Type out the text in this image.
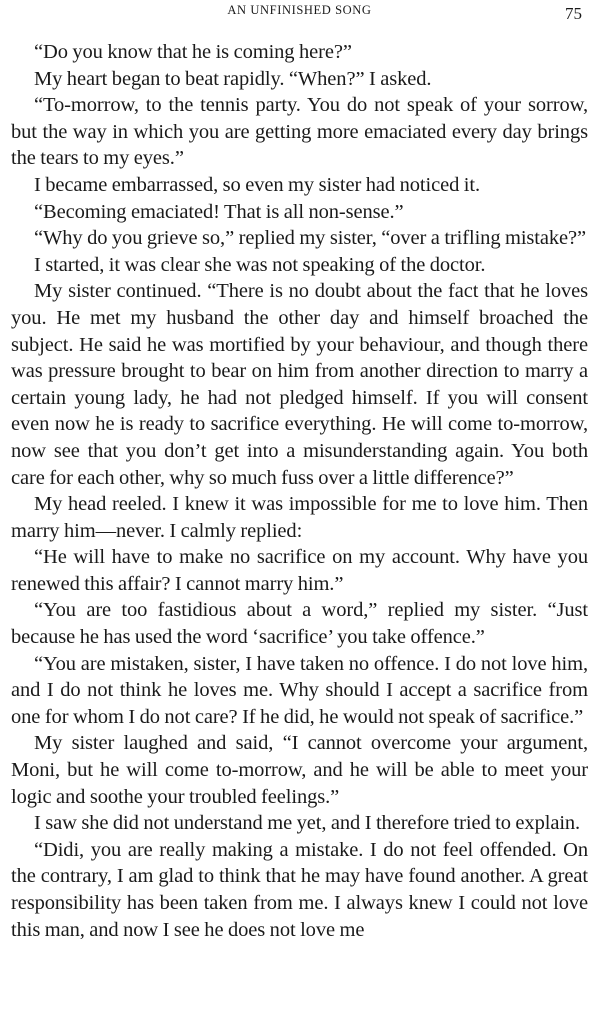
AN UNFINISHED SONG	75

“Do you know that he is coming here?”

My heart began to beat rapidly. “When?” I asked.

“To-morrow, to the tennis party. You do not speak of your sorrow, but the way in which you are getting more emaciated every day brings the tears to my eyes.”

I became embarrassed, so even my sister had noticed it.

“Becoming emaciated! That is all non-sense.”

“Why do you grieve so,” replied my sister, “over a trifling mistake?”

I started, it was clear she was not speaking of the doctor.

My sister continued. “There is no doubt about the fact that he loves you. He met my husband the other day and himself broached the subject. He said he was mortified by your behaviour, and though there was pressure brought to bear on him from another direction to marry a certain young lady, he had not pledged himself. If you will consent even now he is ready to sacrifice everything. He will come to-morrow, now see that you don’t get into a misunderstanding again. You both care for each other, why so much fuss over a little difference?”

My head reeled. I knew it was impossible for me to love him. Then marry him—never. I calmly replied:

“He will have to make no sacrifice on my account. Why have you renewed this affair? I cannot marry him.”

“You are too fastidious about a word,” replied my sister. “Just because he has used the word ‘sacrifice’ you take offence.”

“You are mistaken, sister, I have taken no offence. I do not love him, and I do not think he loves me. Why should I accept a sacrifice from one for whom I do not care? If he did, he would not speak of sacrifice.”

My sister laughed and said, “I cannot overcome your argument, Moni, but he will come to-morrow, and he will be able to meet your logic and soothe your troubled feelings.”

I saw she did not understand me yet, and I therefore tried to explain.

“Didi, you are really making a mistake. I do not feel offended. On the contrary, I am glad to think that he may have found another. A great responsibility has been taken from me. I always knew I could not love this man, and now I see he does not love me
